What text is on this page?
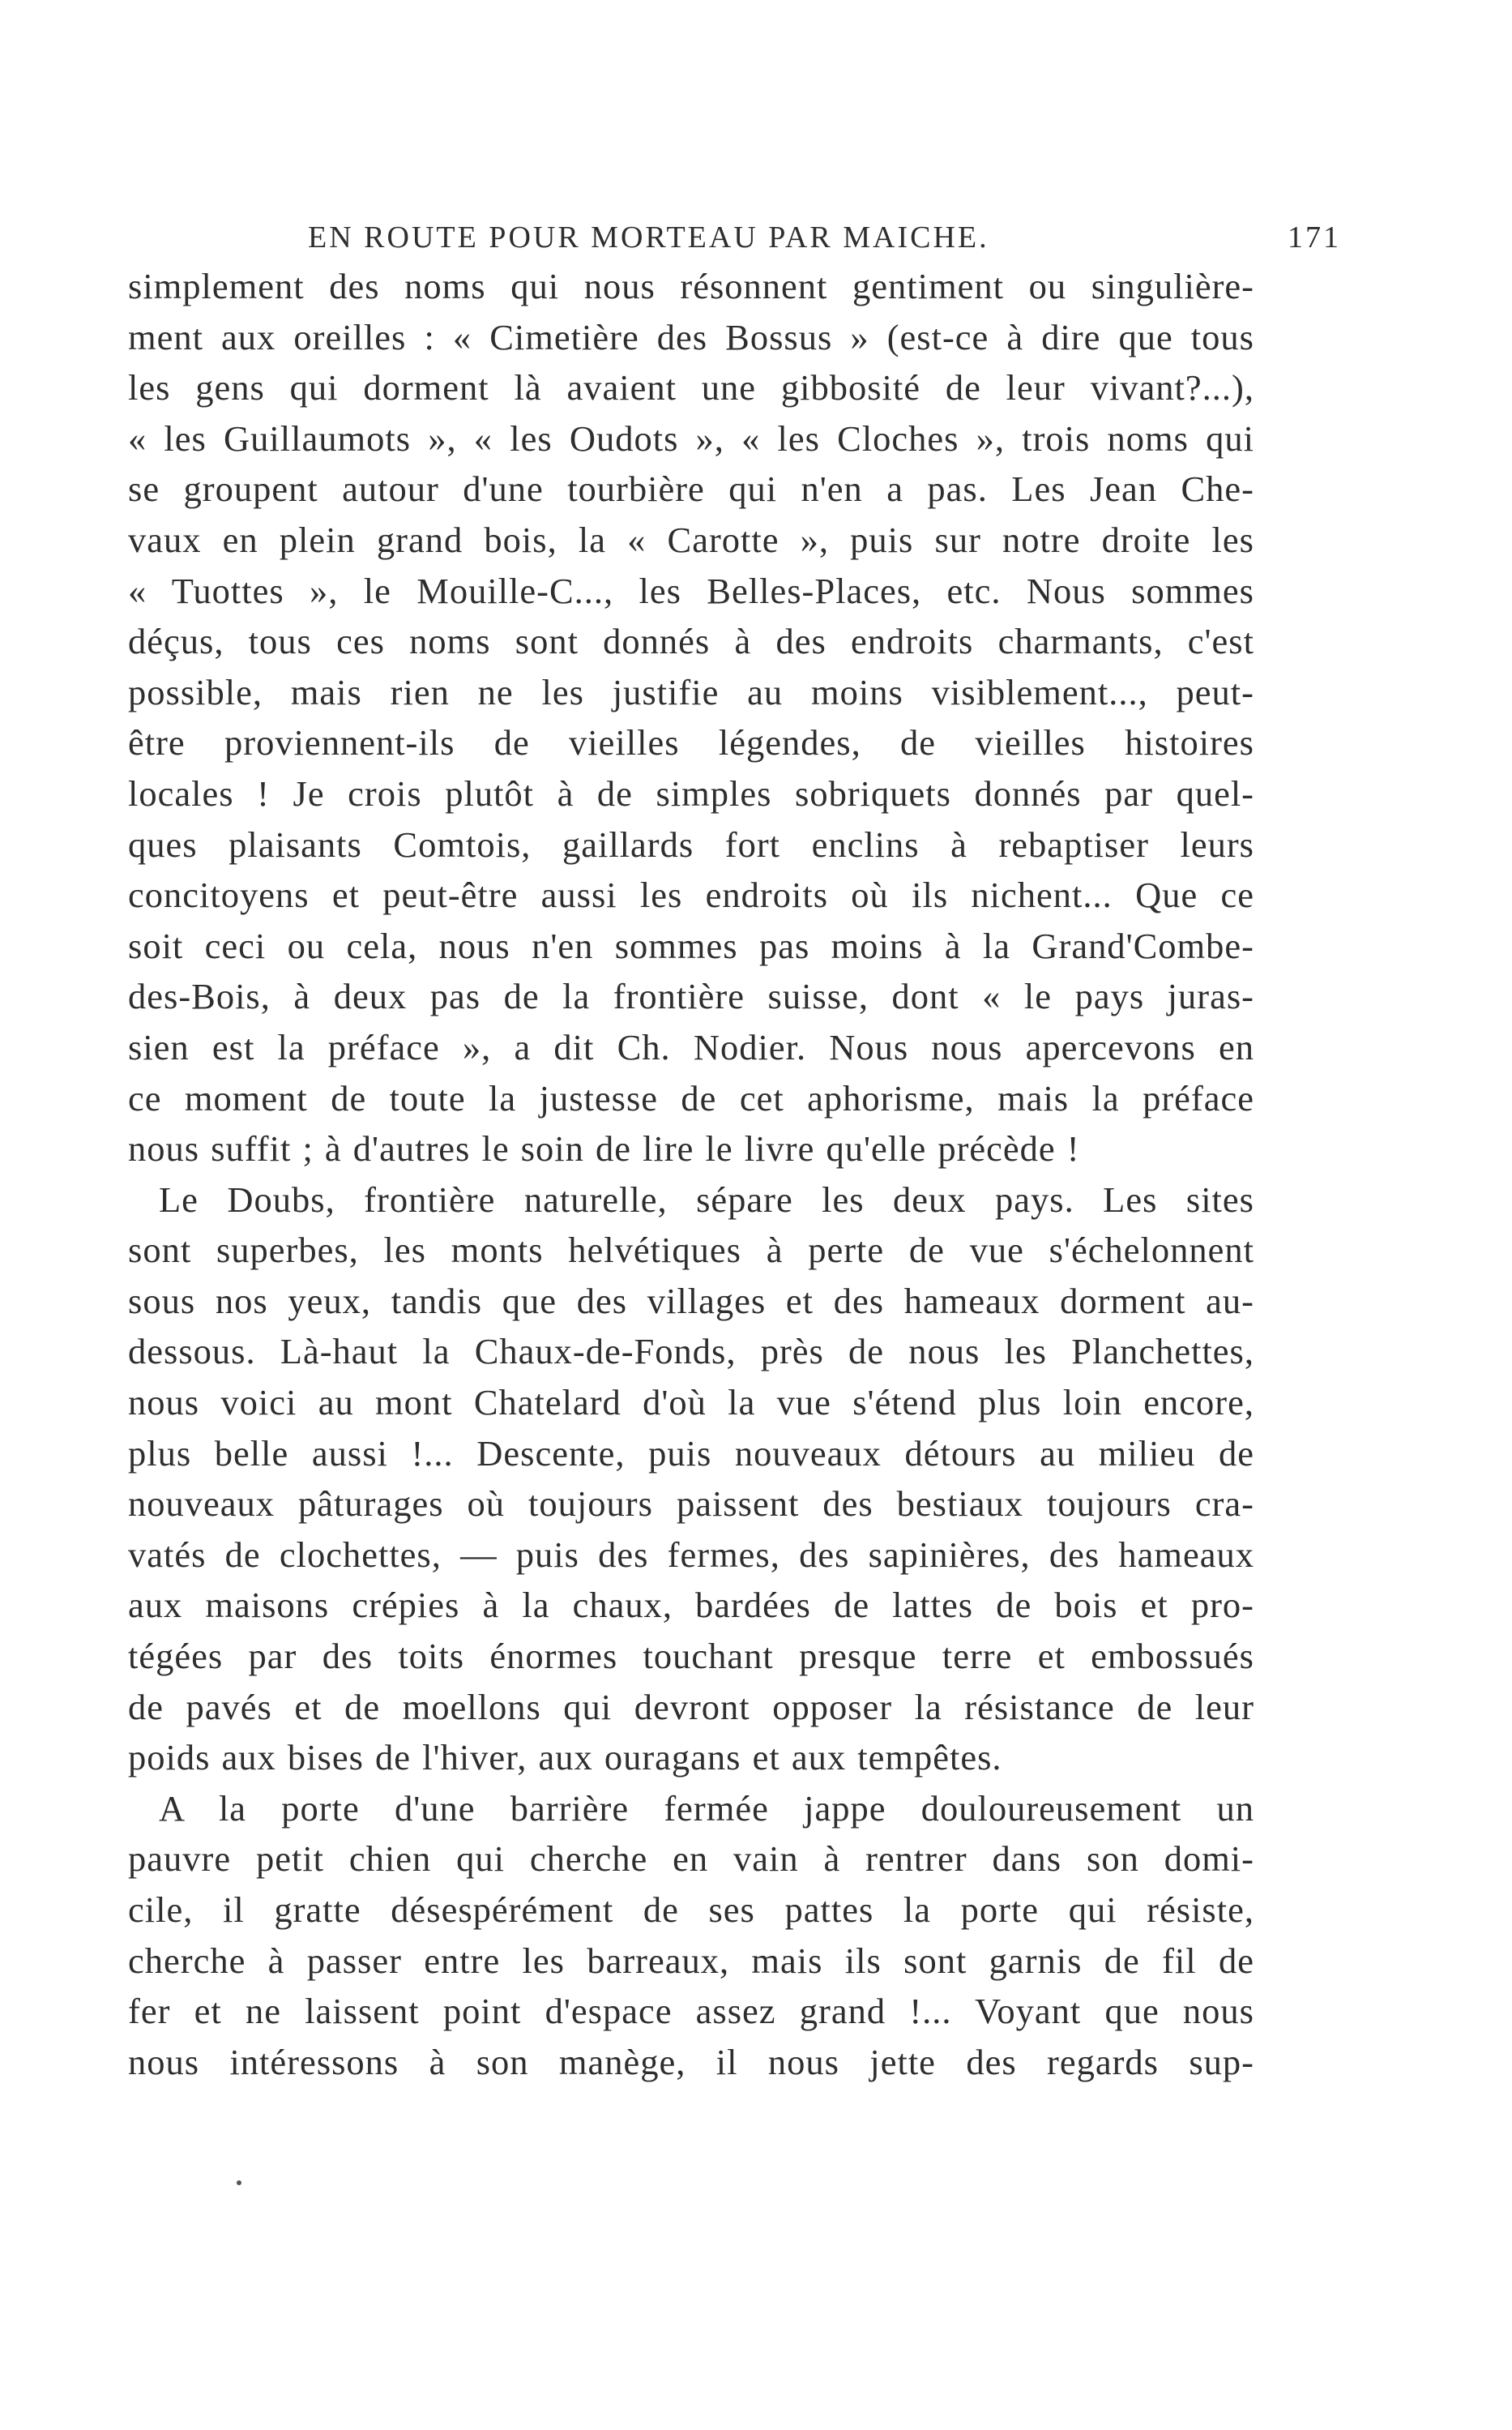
EN ROUTE POUR MORTEAU PAR MAICHE.	171
simplement des noms qui nous résonnent gentiment ou singulière-
ment aux oreilles : « Cimetière des Bossus » (est-ce à dire que tous
les gens qui dorment là avaient une gibbosité de leur vivant?...),
« les Guillaumots », « les Oudots », « les Cloches », trois noms qui
se groupent autour d'une tourbière qui n'en a pas. Les Jean Che-
vaux en plein grand bois, la « Carotte », puis sur notre droite les
« Tuottes », le Mouille-C..., les Belles-Places, etc. Nous sommes
déçus, tous ces noms sont donnés à des endroits charmants, c'est
possible, mais rien ne les justifie au moins visiblement..., peut-
être proviennent-ils de vieilles légendes, de vieilles histoires
locales ! Je crois plutôt à de simples sobriquets donnés par quel-
ques plaisants Comtois, gaillards fort enclins à rebaptiser leurs
concitoyens et peut-être aussi les endroits où ils nichent... Que ce
soit ceci ou cela, nous n'en sommes pas moins à la Grand'Combe-
des-Bois, à deux pas de la frontière suisse, dont « le pays juras-
sien est la préface », a dit Ch. Nodier. Nous nous apercevons en
ce moment de toute la justesse de cet aphorisme, mais la préface
nous suffit ; à d'autres le soin de lire le livre qu'elle précède !
Le Doubs, frontière naturelle, sépare les deux pays. Les sites
sont superbes, les monts helvétiques à perte de vue s'échelonnent
sous nos yeux, tandis que des villages et des hameaux dorment au-
dessous. Là-haut la Chaux-de-Fonds, près de nous les Planchettes,
nous voici au mont Chatelard d'où la vue s'étend plus loin encore,
plus belle aussi !... Descente, puis nouveaux détours au milieu de
nouveaux pâturages où toujours paissent des bestiaux toujours cra-
vatés de clochettes, — puis des fermes, des sapinières, des hameaux
aux maisons crépies à la chaux, bardées de lattes de bois et pro-
tégées par des toits énormes touchant presque terre et embossués
de pavés et de moellons qui devront opposer la résistance de leur
poids aux bises de l'hiver, aux ouragans et aux tempêtes.
A la porte d'une barrière fermée jappe douloureusement un
pauvre petit chien qui cherche en vain à rentrer dans son domi-
cile, il gratte désespérément de ses pattes la porte qui résiste,
cherche à passer entre les barreaux, mais ils sont garnis de fil de
fer et ne laissent point d'espace assez grand !... Voyant que nous
nous intéressons à son manège, il nous jette des regards sup-
